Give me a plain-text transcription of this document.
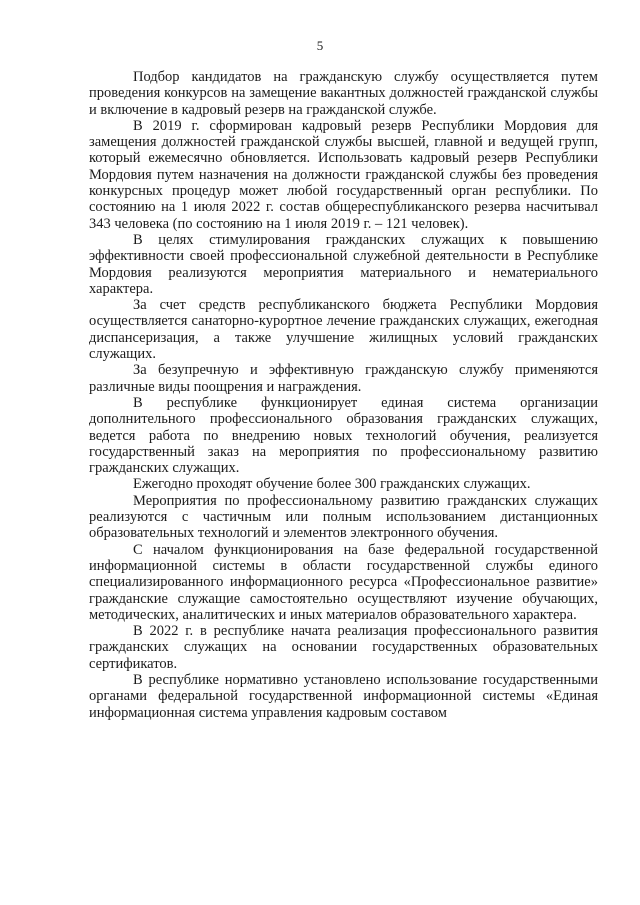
5

Подбор кандидатов на гражданскую службу осуществляется путем проведения конкурсов на замещение вакантных должностей гражданской службы и включение в кадровый резерв на гражданской службе.

В 2019 г. сформирован кадровый резерв Республики Мордовия для замещения должностей гражданской службы высшей, главной и ведущей групп, который ежемесячно обновляется. Использовать кадровый резерв Республики Мордовия путем назначения на должности гражданской службы без проведения конкурсных процедур может любой государственный орган республики. По состоянию на 1 июля 2022 г. состав общереспубликанского резерва насчитывал 343 человека (по состоянию на 1 июля 2019 г. – 121 человек).

В целях стимулирования гражданских служащих к повышению эффективности своей профессиональной служебной деятельности в Республике Мордовия реализуются мероприятия материального и нематериального характера.

За счет средств республиканского бюджета Республики Мордовия осуществляется санаторно-курортное лечение гражданских служащих, ежегодная диспансеризация, а также улучшение жилищных условий гражданских служащих.

За безупречную и эффективную гражданскую службу применяются различные виды поощрения и награждения.

В республике функционирует единая система организации дополнительного профессионального образования гражданских служащих, ведется работа по внедрению новых технологий обучения, реализуется государственный заказ на мероприятия по профессиональному развитию гражданских служащих.

Ежегодно проходят обучение более 300 гражданских служащих.

Мероприятия по профессиональному развитию гражданских служащих реализуются с частичным или полным использованием дистанционных образовательных технологий и элементов электронного обучения.

С началом функционирования на базе федеральной государственной информационной системы в области государственной службы единого специализированного информационного ресурса «Профессиональное развитие» гражданские служащие самостоятельно осуществляют изучение обучающих, методических, аналитических и иных материалов образовательного характера.

В 2022 г. в республике начата реализация профессионального развития гражданских служащих на основании государственных образовательных сертификатов.

В республике нормативно установлено использование государственными органами федеральной государственной информационной системы «Единая информационная система управления кадровым составом
